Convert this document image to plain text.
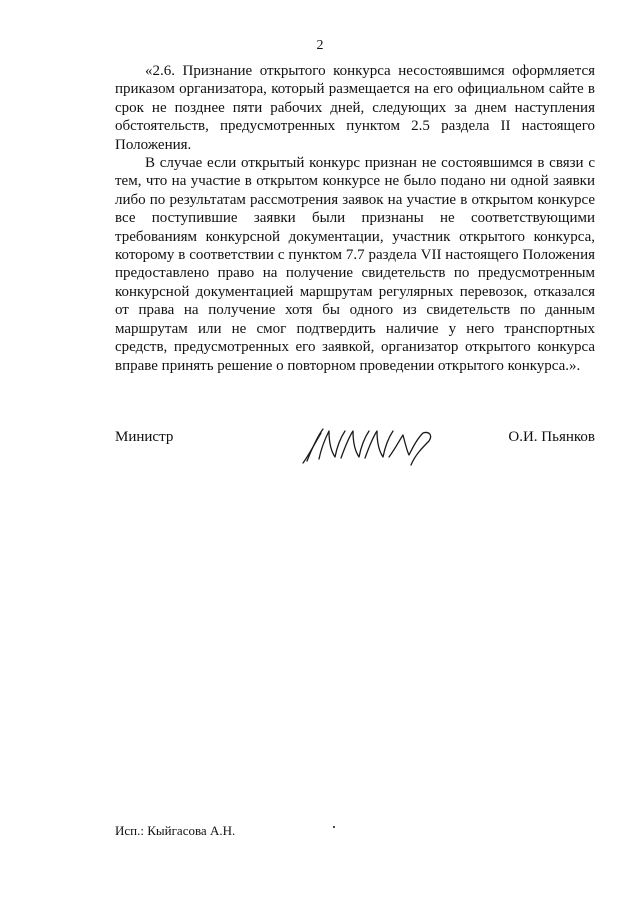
2

«2.6. Признание открытого конкурса несостоявшимся оформляется приказом организатора, который размещается на его официальном сайте в срок не позднее пяти рабочих дней, следующих за днем наступления обстоятельств, предусмотренных пунктом 2.5 раздела II настоящего Положения.

В случае если открытый конкурс признан не состоявшимся в связи с тем, что на участие в открытом конкурсе не было подано ни одной заявки либо по результатам рассмотрения заявок на участие в открытом конкурсе все поступившие заявки были признаны не соответствующими требованиям конкурсной документации, участник открытого конкурса, которому в соответствии с пунктом 7.7 раздела VII настоящего Положения предоставлено право на получение свидетельств по предусмотренным конкурсной документацией маршрутам регулярных перевозок, отказался от права на получение хотя бы одного из свидетельств по данным маршрутам или не смог подтвердить наличие у него транспортных средств, предусмотренных его заявкой, организатор открытого конкурса вправе принять решение о повторном проведении открытого конкурса.».

Министр	О.И. Пьянков
Исп.: Кыйгасова А.Н.
